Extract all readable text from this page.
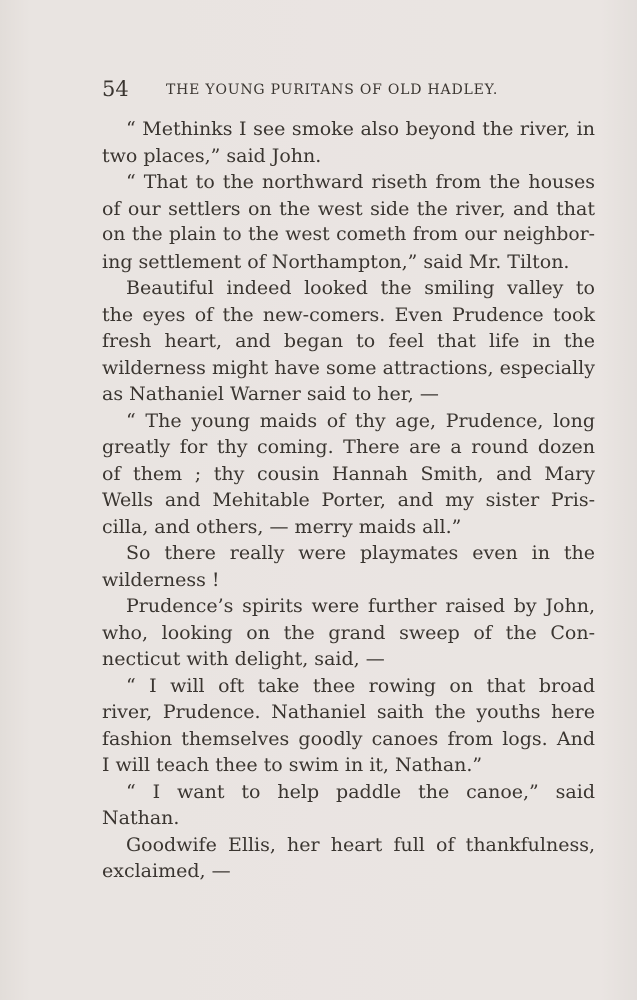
54	THE YOUNG PURITANS OF OLD HADLEY.
“ Methinks I see smoke also beyond the river, in
two places,” said John.
“ That to the northward riseth from the houses
of our settlers on the west side the river, and that
on the plain to the west cometh from our neighbor-
ing settlement of Northampton,” said Mr. Tilton.
Beautiful indeed looked the smiling valley to
the eyes of the new-comers. Even Prudence took
fresh heart, and began to feel that life in the
wilderness might have some attractions, especially
as Nathaniel Warner said to her, —
“ The young maids of thy age, Prudence, long
greatly for thy coming. There are a round dozen
of them ; thy cousin Hannah Smith, and Mary
Wells and Mehitable Porter, and my sister Pris-
cilla, and others, — merry maids all.”
So there really were playmates even in the
wilderness !
Prudence’s spirits were further raised by John,
who, looking on the grand sweep of the Con-
necticut with delight, said, —
“ I will oft take thee rowing on that broad
river, Prudence. Nathaniel saith the youths here
fashion themselves goodly canoes from logs. And
I will teach thee to swim in it, Nathan.”
“ I want to help paddle the canoe,” said
Nathan.
Goodwife Ellis, her heart full of thankfulness,
exclaimed, —
